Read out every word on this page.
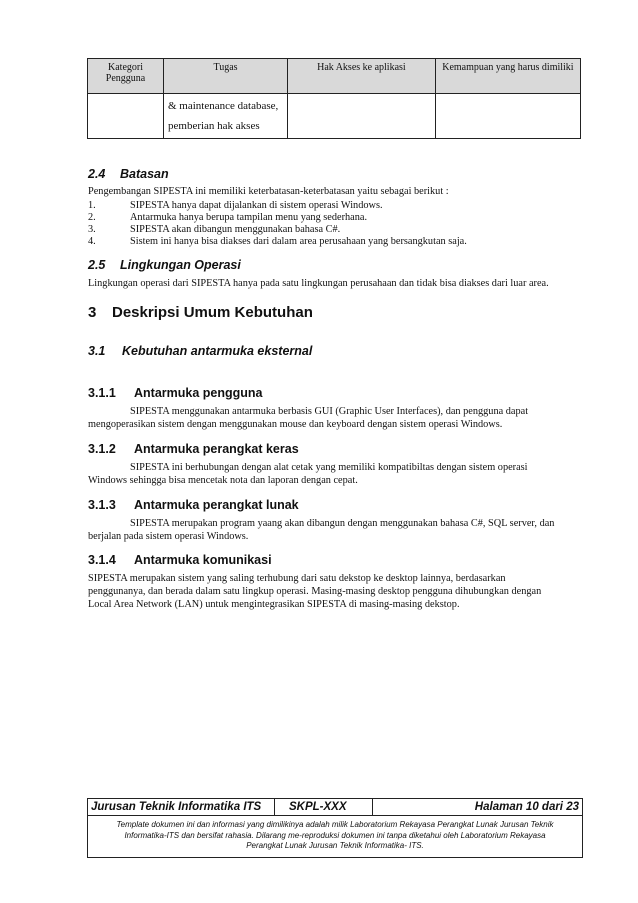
Kategori Pengguna	Tugas	Hak Akses ke aplikasi	Kemampuan yang harus dimiliki

	& maintenance database,
pemberian hak akses		

2.4 Batasan
Pengembangan SIPESTA ini memiliki keterbatasan-keterbatasan yaitu sebagai berikut :
1.	SIPESTA hanya dapat dijalankan di sistem operasi Windows.
2.	Antarmuka hanya berupa tampilan menu yang sederhana.
3.	SIPESTA akan dibangun menggunakan bahasa C#.
4.	Sistem ini hanya bisa diakses dari dalam area perusahaan yang bersangkutan saja.
2.5 Lingkungan Operasi
Lingkungan operasi dari SIPESTA hanya pada satu lingkungan perusahaan dan tidak bisa diakses dari luar area.
3 Deskripsi Umum Kebutuhan
3.1 Kebutuhan antarmuka eksternal
3.1.1 Antarmuka pengguna
SIPESTA menggunakan antarmuka berbasis GUI (Graphic User Interfaces), dan pengguna dapat
mengoperasikan sistem dengan menggunakan mouse dan keyboard dengan sistem operasi Windows.
3.1.2 Antarmuka perangkat keras
SIPESTA ini berhubungan dengan alat cetak yang memiliki kompatibiltas dengan sistem operasi
Windows sehingga bisa mencetak nota dan laporan dengan cepat.
3.1.3 Antarmuka perangkat lunak
SIPESTA merupakan program yaang akan dibangun dengan menggunakan bahasa C#, SQL server, dan
berjalan pada sistem operasi Windows.
3.1.4 Antarmuka komunikasi
SIPESTA merupakan sistem yang saling terhubung dari satu dekstop ke desktop lainnya, berdasarkan
penggunanya, dan berada dalam satu lingkup operasi. Masing-masing desktop pengguna dihubungkan dengan
Local Area Network (LAN) untuk mengintegrasikan SIPESTA di masing-masing dekstop.
Jurusan Teknik Informatika ITS	SKPL-XXX	Halaman 10 dari 23
Template dokumen ini dan informasi yang dimilikinya adalah milik Laboratorium Rekayasa Perangkat Lunak Jurusan Teknik
Informatika-ITS dan bersifat rahasia. Dilarang me-reproduksi dokumen ini tanpa diketahui oleh Laboratorium Rekayasa
Perangkat Lunak Jurusan Teknik Informatika- ITS.
